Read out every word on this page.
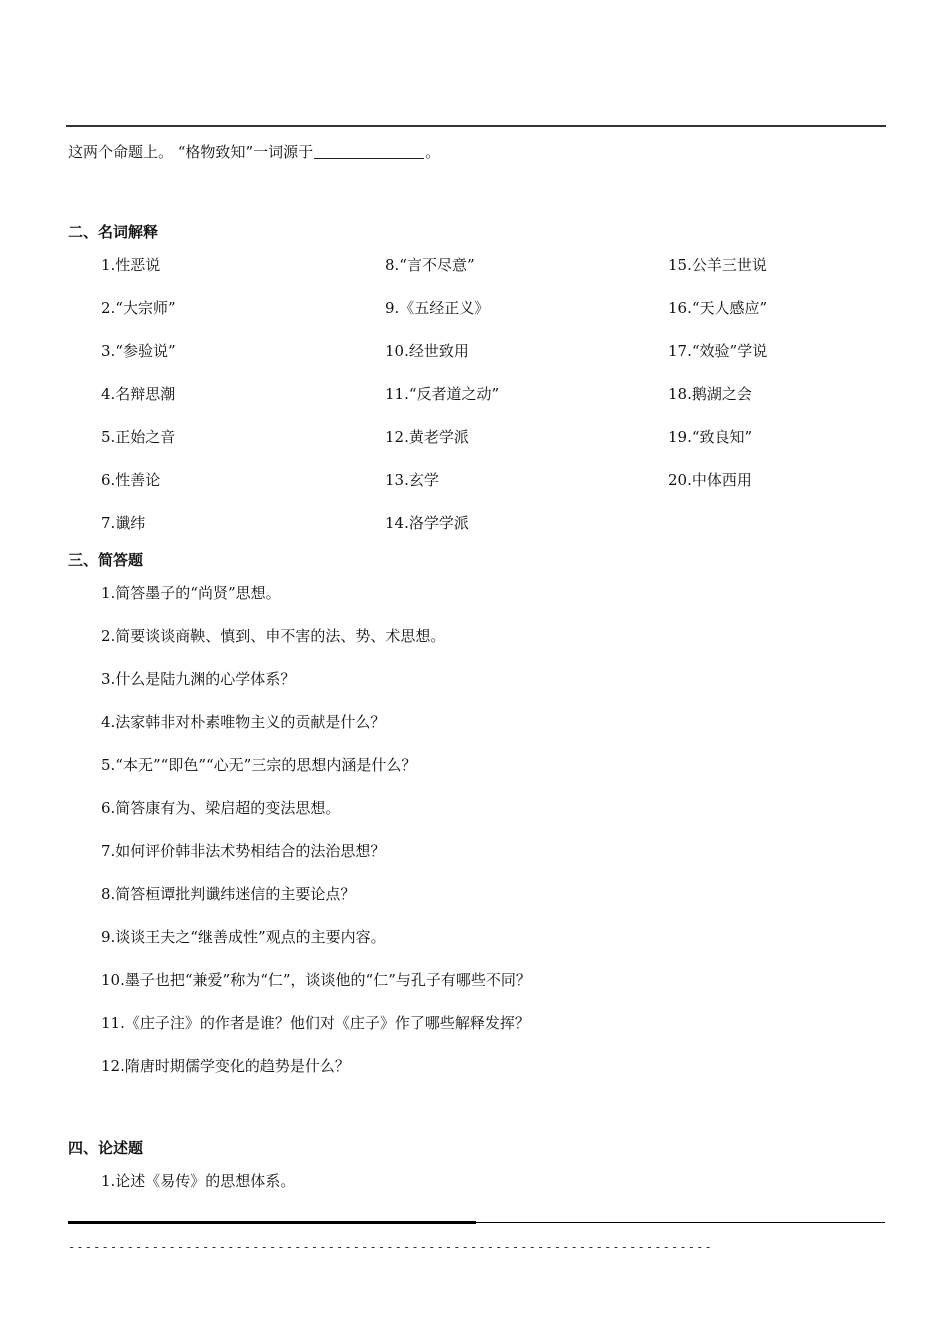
这两个命题上。 “格物致知”一词源于	。
二、名词解释
1.性恶说
2.“大宗师”
3.“参验说”
4.名辩思潮
5.正始之音
6.性善论
7.谶纬
8.“言不尽意”
9.《五经正义》
10.经世致用
11.“反者道之动”
12.黄老学派
13.玄学
14.洛学学派
15.公羊三世说
16.“天人感应”
17.“效验”学说
18.鹅湖之会
19.“致良知”
20.中体西用
三、简答题
1.简答墨子的“尚贤”思想。
2.简要谈谈商鞅、慎到、申不害的法、势、术思想。
3.什么是陆九渊的心学体系？
4.法家韩非对朴素唯物主义的贡献是什么？
5.“本无”“即色”“心无”三宗的思想内涵是什么？
6.简答康有为、梁启超的变法思想。
7.如何评价韩非法术势相结合的法治思想？
8.简答桓谭批判谶纬迷信的主要论点？
9.谈谈王夫之“继善成性”观点的主要内容。
10.墨子也把“兼爱”称为“仁”，谈谈他的“仁”与孔子有哪些不同？
11.《庄子注》的作者是谁？他们对《庄子》作了哪些解释发挥？
12.隋唐时期儒学变化的趋势是什么？
四、论述题
1.论述《易传》的思想体系。
-----------------------------------------------------------------------------
